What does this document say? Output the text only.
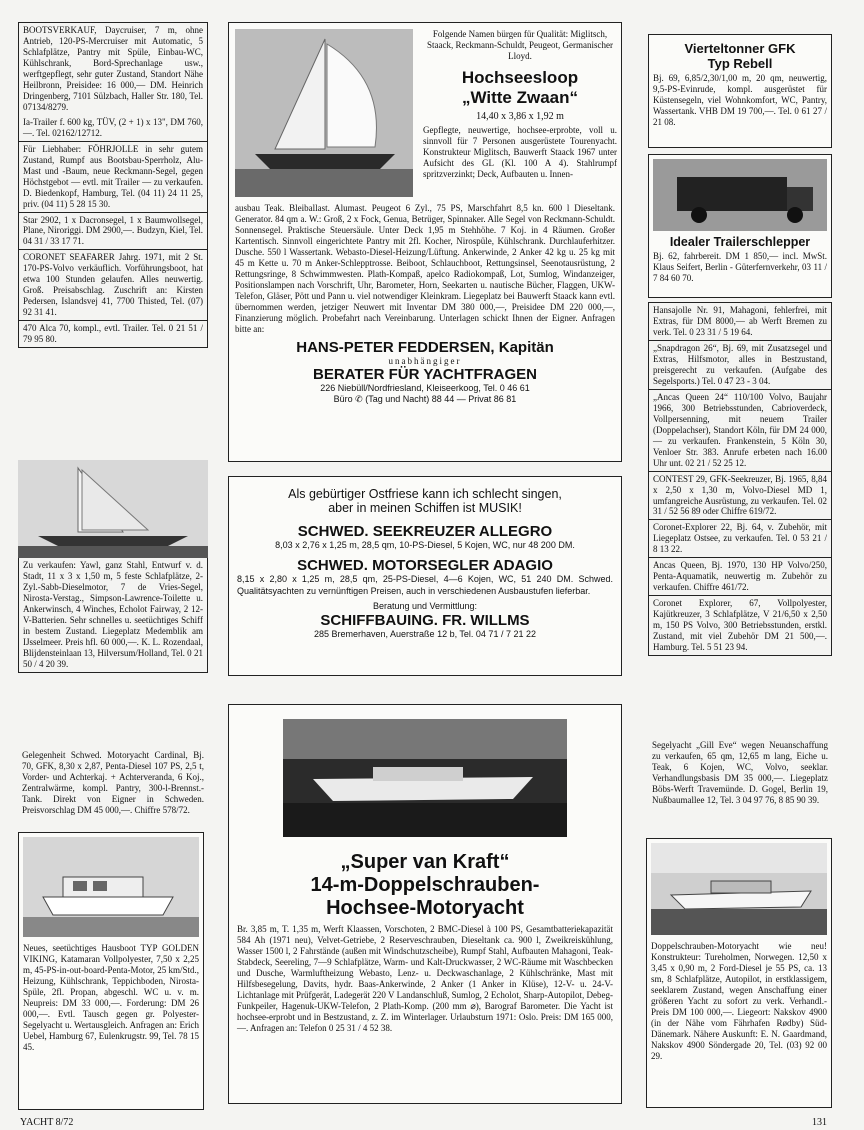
BOOTSVERKAUF, Daycruiser, 7 m, ohne Antrieb, 120-PS-Mercruiser mit Automatic, 5 Schlafplätze, Pantry mit Spüle, Einbau-WC, Kühlschrank, Bord-Sprechanlage usw., werftgepflegt, sehr guter Zustand, Standort Nähe Heilbronn, Preisidee: 16 000,— DM. Heinrich Dringenberg, 7101 Sülzbach, Haller Str. 180, Tel. 07134/8279.
Ia-Trailer f. 600 kg, TÜV, (2 + 1) x 13", DM 760,—. Tel. 02162/12712.
Für Liebhaber: FÖHRJOLLE in sehr gutem Zustand, Rumpf aus Bootsbau-Sperrholz, Alu-Mast und -Baum, neue Reckmann-Segel, gegen Höchstgebot — evtl. mit Trailer — zu verkaufen. D. Biedenkopf, Hamburg, Tel. (04 11) 24 11 25, priv. (04 11) 5 28 15 30.
Star 2902, 1 x Dacronsegel, 1 x Baumwollsegel, Plane, Niroriggi. DM 2900,—. Budzyn, Kiel, Tel. 04 31 / 33 17 71.
CORONET SEAFARER Jahrg. 1971, mit 2 St. 170-PS-Volvo verkäuflich. Vorführungsboot, hat etwa 100 Stunden gelaufen. Alles neuwertig. Groß. Preisabschlag. Zuschrift an: Kirsten Pedersen, Islandsvej 41, 7700 Thisted, Tel. (07) 92 31 41.
470 Alca 70, kompl., evtl. Trailer. Tel. 0 21 51 / 79 95 80.
Zu verkaufen: Yawl, ganz Stahl, Entwurf v. d. Stadt, 11 x 3 x 1,50 m, 5 feste Schlafplätze, 2-Zyl.-Sabb-Dieselmotor, 7 de Vries-Segel, Nirosta-Verstag., Simpson-Lawrence-Toilette u. Ankerwinsch, 4 Winches, Echolot Fairway, 2 12-V-Batterien. Sehr schnelles u. seetüchtiges Schiff in bestem Zustand. Liegeplatz Medemblik am IJsselmeer. Preis hfl. 60 000,—. K. L. Rozendaal, Blijdensteinlaan 13, Hilversum/Holland, Tel. 0 21 50 / 4 20 39.
Gelegenheit Schwed. Motoryacht Cardinal, Bj. 70, GFK, 8,30 x 2,87, Penta-Diesel 107 PS, 2,5 t, Vorder- und Achterkaj. + Achterveranda, 6 Koj., Zentralwärme, kompl. Pantry, 300-l-Brennst.-Tank. Direkt von Eigner in Schweden. Preisvorschlag DM 45 000,—. Chiffre 578/72.
Neues, seetüchtiges Hausboot TYP GOLDEN VIKING, Katamaran Vollpolyester, 7,50 x 2,25 m, 45-PS-in-out-board-Penta-Motor, 25 km/Std., Heizung, Kühlschrank, Teppichboden, Nirosta-Spüle, 2fl. Propan, abgeschl. WC u. v. m. Neupreis: DM 33 000,—. Forderung: DM 26 000,—. Evtl. Tausch gegen gr. Polyester-Segelyacht u. Wertausgleich. Anfragen an: Erich Uebel, Hamburg 67, Eulenkrugstr. 99, Tel. 78 15 45.
Folgende Namen bürgen für Qualität: Miglitsch, Staack, Reckmann-Schuldt, Peugeot, Germanischer Lloyd.
Hochseesloop
„Witte Zwaan“
14,40 x 3,86 x 1,92 m
Gepflegte, neuwertige, hochsee-erprobte, voll u. sinnvoll für 7 Personen ausgerüstete Tourenyacht. Konstrukteur Miglitsch, Bauwerft Staack 1967 unter Aufsicht des GL (Kl. 100 A 4). Stahlrumpf spritzverzinkt; Deck, Aufbauten u. Innen-
ausbau Teak. Bleiballast. Alumast. Peugeot 6 Zyl., 75 PS, Marschfahrt 8,5 kn. 600 l Dieseltank. Generator. 84 qm a. W.: Groß, 2 x Fock, Genua, Betrüger, Spinnaker. Alle Segel von Reckmann-Schuldt. Sonnensegel. Praktische Steuersäule. Unter Deck 1,95 m Stehhöhe. 7 Koj. in 4 Räumen. Großer Kartentisch. Sinnvoll eingerichtete Pantry mit 2fl. Kocher, Nirospüle, Kühlschrank. Durchlauferhitzer. Dusche. 550 l Wassertank. Webasto-Diesel-Heizung/Lüftung. Ankerwinde, 2 Anker 42 kg u. 25 kg mit 45 m Kette u. 70 m Anker-Schlepptrosse. Beiboot, Schlauchboot, Rettungsinsel, Seenotausrüstung, 2 Rettungsringe, 8 Schwimmwesten. Plath-Kompaß, apelco Radiokompaß, Lot, Sumlog, Windanzeiger, Positionslampen nach Vorschrift, Uhr, Barometer, Horn, Seekarten u. nautische Bücher, Flaggen, UKW-Telefon, Gläser, Pött und Pann u. viel notwendiger Kleinkram. Liegeplatz bei Bauwerft Staack kann evtl. übernommen werden, jetziger Neuwert mit Inventar DM 380 000,—, Preisidee DM 220 000,—, Finanzierung möglich. Probefahrt nach Vereinbarung. Unterlagen schickt Ihnen der Eigner. Anfragen bitte an:
HANS-PETER FEDDERSEN, Kapitän
unabhängiger
BERATER FÜR YACHTFRAGEN
226 Niebüll/Nordfriesland, Kleiseerkoog, Tel. 0 46 61
Büro ✆ (Tag und Nacht) 88 44 — Privat 86 81
Als gebürtiger Ostfriese kann ich schlecht singen,
aber in meinen Schiffen ist MUSIK!
SCHWED. SEEKREUZER ALLEGRO
8,03 x 2,76 x 1,25 m, 28,5 qm, 10-PS-Diesel, 5 Kojen, WC, nur 48 200 DM.
SCHWED. MOTORSEGLER ADAGIO
8,15 x 2,80 x 1,25 m, 28,5 qm, 25-PS-Diesel, 4—6 Kojen, WC, 51 240 DM. Schwed. Qualitätsyachten zu vernünftigen Preisen, auch in verschiedenen Ausbaustufen lieferbar.
Beratung und Vermittlung:
SCHIFFBAUING. FR. WILLMS
285 Bremerhaven, Auerstraße 12 b, Tel. 04 71 / 7 21 22
„Super van Kraft“
14-m-Doppelschrauben-
Hochsee-Motoryacht
Br. 3,85 m, T. 1,35 m, Werft Klaassen, Vorschoten, 2 BMC-Diesel à 100 PS, Gesamtbatteriekapazität 584 Ah (1971 neu), Velvet-Getriebe, 2 Reserveschrauben, Dieseltank ca. 900 l, Zweikreiskühlung, Wasser 1500 l, 2 Fahrstände (außen mit Windschutzscheibe), Rumpf Stahl, Aufbauten Mahagoni, Teak-Stabdeck, Seereling, 7—9 Schlafplätze, Warm- und Kalt-Druckwasser, 2 WC-Räume mit Waschbecken und Dusche, Warmluftheizung Webasto, Lenz- u. Deckwaschanlage, 2 Kühlschränke, Mast mit Hilfsbesegelung, Davits, hydr. Baas-Ankerwinde, 2 Anker (1 Anker in Klüse), 12-V- u. 24-V-Lichtanlage mit Prüfgerät, Ladegerät 220 V Landanschluß, Sumlog, 2 Echolot, Sharp-Autopilot, Debeg-Funkpeiler, Hagenuk-UKW-Telefon, 2 Plath-Komp. (200 mm ⌀), Barograf Barometer. Die Yacht ist hochsee-erprobt und in Bestzustand, z. Z. im Winterlager. Urlaubsturn 1971: Oslo. Preis: DM 165 000,—. Anfragen an: Telefon 0 25 31 / 4 52 38.
Vierteltonner GFK
Typ Rebell
Bj. 69, 6,85/2,30/1,00 m, 20 qm, neuwertig, 9,5-PS-Evinrude, kompl. ausgerüstet für Küstensegeln, viel Wohnkomfort, WC, Pantry, Wassertank. VHB DM 19 700,—. Tel. 0 61 27 / 21 08.
Idealer Trailerschlepper
Bj. 62, fahrbereit. DM 1 850,— incl. MwSt. Klaus Seifert, Berlin - Güterfernverkehr, 03 11 / 7 84 60 70.
Hansajolle Nr. 91, Mahagoni, fehlerfrei, mit Extras, für DM 8000,— ab Werft Bremen zu verk. Tel. 0 23 31 / 5 19 64.
„Snapdragon 26“, Bj. 69, mit Zusatzsegel und Extras, Hilfsmotor, alles in Bestzustand, preisgerecht zu verkaufen. (Aufgabe des Segelsports.) Tel. 0 47 23 - 3 04.
„Ancas Queen 24“ 110/100 Volvo, Baujahr 1966, 300 Betriebsstunden, Cabrioverdeck, Vollpersenning, mit neuem Trailer (Doppelachser), Standort Köln, für DM 24 000,— zu verkaufen. Frankenstein, 5 Köln 30, Venloer Str. 383. Anrufe erbeten nach 16.00 Uhr unt. 02 21 / 52 25 12.
CONTEST 29, GFK-Seekreuzer, Bj. 1965, 8,84 x 2,50 x 1,30 m, Volvo-Diesel MD 1, umfangreiche Ausrüstung, zu verkaufen. Tel. 02 31 / 52 56 89 oder Chiffre 619/72.
Coronet-Explorer 22, Bj. 64, v. Zubehör, mit Liegeplatz Ostsee, zu verkaufen. Tel. 0 53 21 / 8 13 22.
Ancas Queen, Bj. 1970, 130 HP Volvo/250, Penta-Aquamatik, neuwertig m. Zubehör zu verkaufen. Chiffre 461/72.
Coronet Explorer, 67, Vollpolyester, Kajütkreuzer, 3 Schlafplätze, V 21/6,50 x 2,50 m, 150 PS Volvo, 300 Betriebsstunden, erstkl. Zustand, mit viel Zubehör DM 21 500,—. Hamburg. Tel. 5 51 23 94.
Segelyacht „Gill Eve“ wegen Neuanschaffung zu verkaufen, 65 qm, 12,65 m lang, Eiche u. Teak, 6 Kojen, WC, Volvo, seeklar. Verhandlungsbasis DM 35 000,—. Liegeplatz Böbs-Werft Travemünde. D. Gogel, Berlin 19, Nußbaumallee 12, Tel. 3 04 97 76, 8 85 90 39.
Doppelschrauben-Motoryacht wie neu! Konstrukteur: Tureholmen, Norwegen. 12,50 x 3,45 x 0,90 m, 2 Ford-Diesel je 55 PS, ca. 13 sm, 8 Schlafplätze, Autopilot, in erstklassigem, seeklarem Zustand, wegen Anschaffung einer größeren Yacht zu sofort zu verk. Verhandl.-Preis DM 100 000,—. Liegeort: Nakskov 4900 (in der Nähe vom Fährhafen Rødby) Süd-Dänemark. Nähere Auskunft: E. N. Gaardmand, Nakskov 4900 Söndergade 20, Tel. (03) 92 00 29.
YACHT 8/72	131
